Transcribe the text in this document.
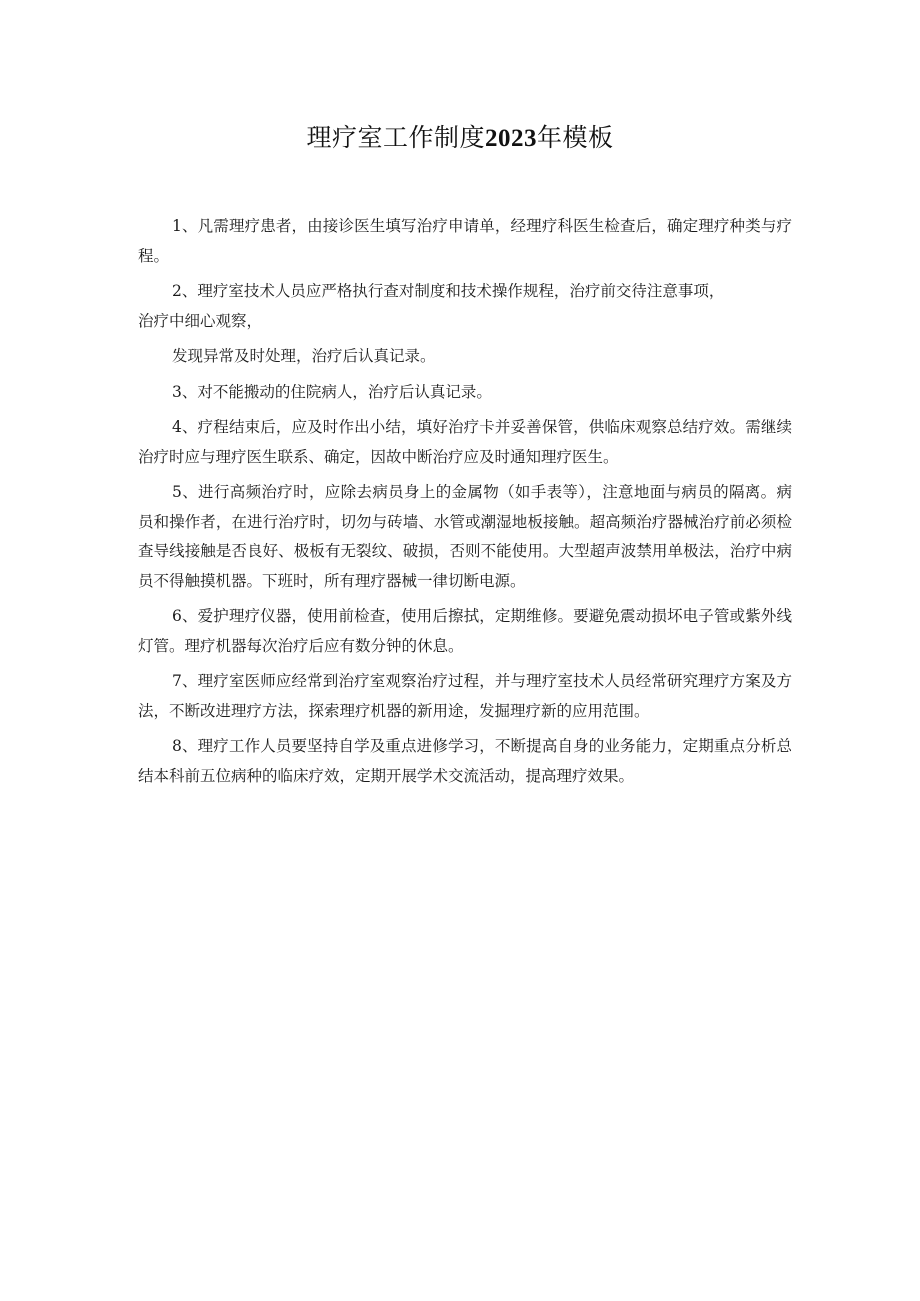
理疗室工作制度2023年模板

1、凡需理疗患者，由接诊医生填写治疗申请单，经理疗科医生检查后，确定理疗种类与疗程。

2、理疗室技术人员应严格执行查对制度和技术操作规程，治疗前交待注意事项，

治疗中细心观察，

发现异常及时处理，治疗后认真记录。

3、对不能搬动的住院病人，治疗后认真记录。

4、疗程结束后，应及时作出小结，填好治疗卡并妥善保管，供临床观察总结疗效。需继续治疗时应与理疗医生联系、确定，因故中断治疗应及时通知理疗医生。

5、进行高频治疗时，应除去病员身上的金属物（如手表等），注意地面与病员的隔离。病员和操作者，在进行治疗时，切勿与砖墙、水管或潮湿地板接触。超高频治疗器械治疗前必须检查导线接触是否良好、极板有无裂纹、破损，否则不能使用。大型超声波禁用单极法，治疗中病员不得触摸机器。下班时，所有理疗器械一律切断电源。

6、爱护理疗仪器，使用前检查，使用后擦拭，定期维修。要避免震动损坏电子管或紫外线灯管。理疗机器每次治疗后应有数分钟的休息。

7、理疗室医师应经常到治疗室观察治疗过程，并与理疗室技术人员经常研究理疗方案及方法，不断改进理疗方法，探索理疗机器的新用途，发掘理疗新的应用范围。

8、理疗工作人员要坚持自学及重点进修学习，不断提高自身的业务能力，定期重点分析总结本科前五位病种的临床疗效，定期开展学术交流活动，提高理疗效果。
